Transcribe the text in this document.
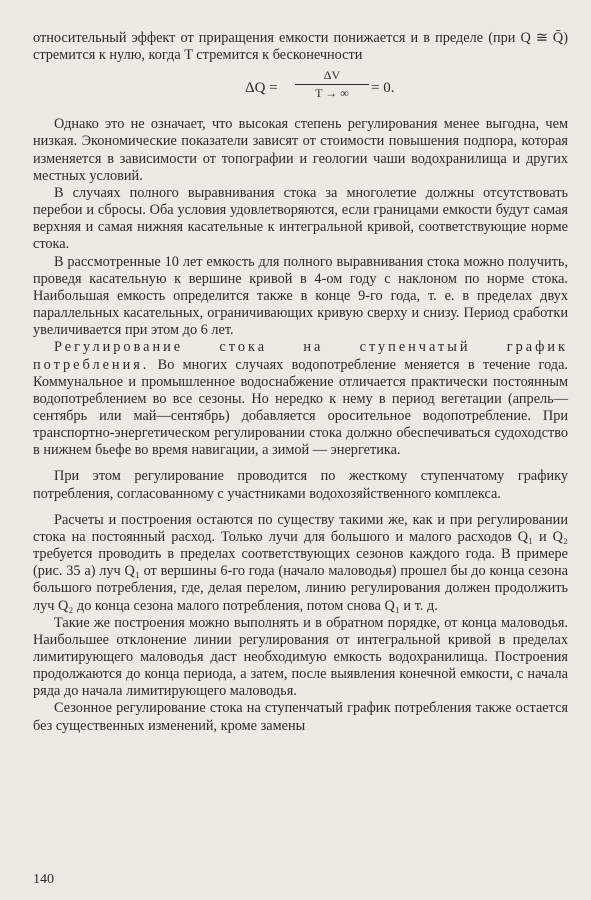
относительный эффект от приращения емкости понижается и в пределе (при Q ≅ Q̄) стремится к нулю, когда T стремится к бесконечности

$\Delta Q = \frac{\Delta V}{T \to \infty} = 0$.

Однако это не означает, что высокая степень регулирования менее выгодна, чем низкая. Экономические показатели зависят от стоимости повышения подпора, которая изменяется в зависимости от топографии и геологии чаши водохранилища и других местных условий.

В случаях полного выравнивания стока за многолетие должны отсутствовать перебои и сбросы. Оба условия удовлетворяются, если границами емкости будут самая верхняя и самая нижняя касательные к интегральной кривой, соответствующие норме стока.

В рассмотренные 10 лет емкость для полного выравнивания стока можно получить, проведя касательную к вершине кривой в 4-ом году с наклоном по норме стока. Наибольшая емкость определится также в конце 9-го года, т. е. в пределах двух параллельных касательных, ограничивающих кривую сверху и снизу. Период сработки увеличивается при этом до 6 лет.

Регулирование стока на ступенчатый график потребления. Во многих случаях водопотребление меняется в течение года. Коммунальное и промышленное водоснабжение отличается практически постоянным водопотреблением во все сезоны. Но нередко к нему в период вегетации (апрель—сентябрь или май—сентябрь) добавляется оросительное водопотребление. При транспортно-энергетическом регулировании стока должно обеспечиваться судоходство в нижнем бьефе во время навигации, а зимой — энергетика.

При этом регулирование проводится по жесткому ступенчатому графику потребления, согласованному с участниками водохозяйственного комплекса.

Расчеты и построения остаются по существу такими же, как и при регулировании стока на постоянный расход. Только лучи для большого и малого расходов Q₁ и Q₂ требуется проводить в пределах соответствующих сезонов каждого года. В примере (рис. 35 а) луч Q₁ от вершины 6-го года (начало маловодья) прошел бы до конца сезона большого потребления, где, делая перелом, линию регулирования должен продолжить луч Q₂ до конца сезона малого потребления, потом снова Q₁ и т. д.

Такие же построения можно выполнять и в обратном порядке, от конца маловодья. Наибольшее отклонение линии регулирования от интегральной кривой в пределах лимитирующего маловодья даст необходимую емкость водохранилища. Построения продолжаются до конца периода, а затем, после выявления конечной емкости, с начала ряда до начала лимитирующего маловодья.

Сезонное регулирование стока на ступенчатый график потребления также остается без существенных изменений, кроме замены

140
